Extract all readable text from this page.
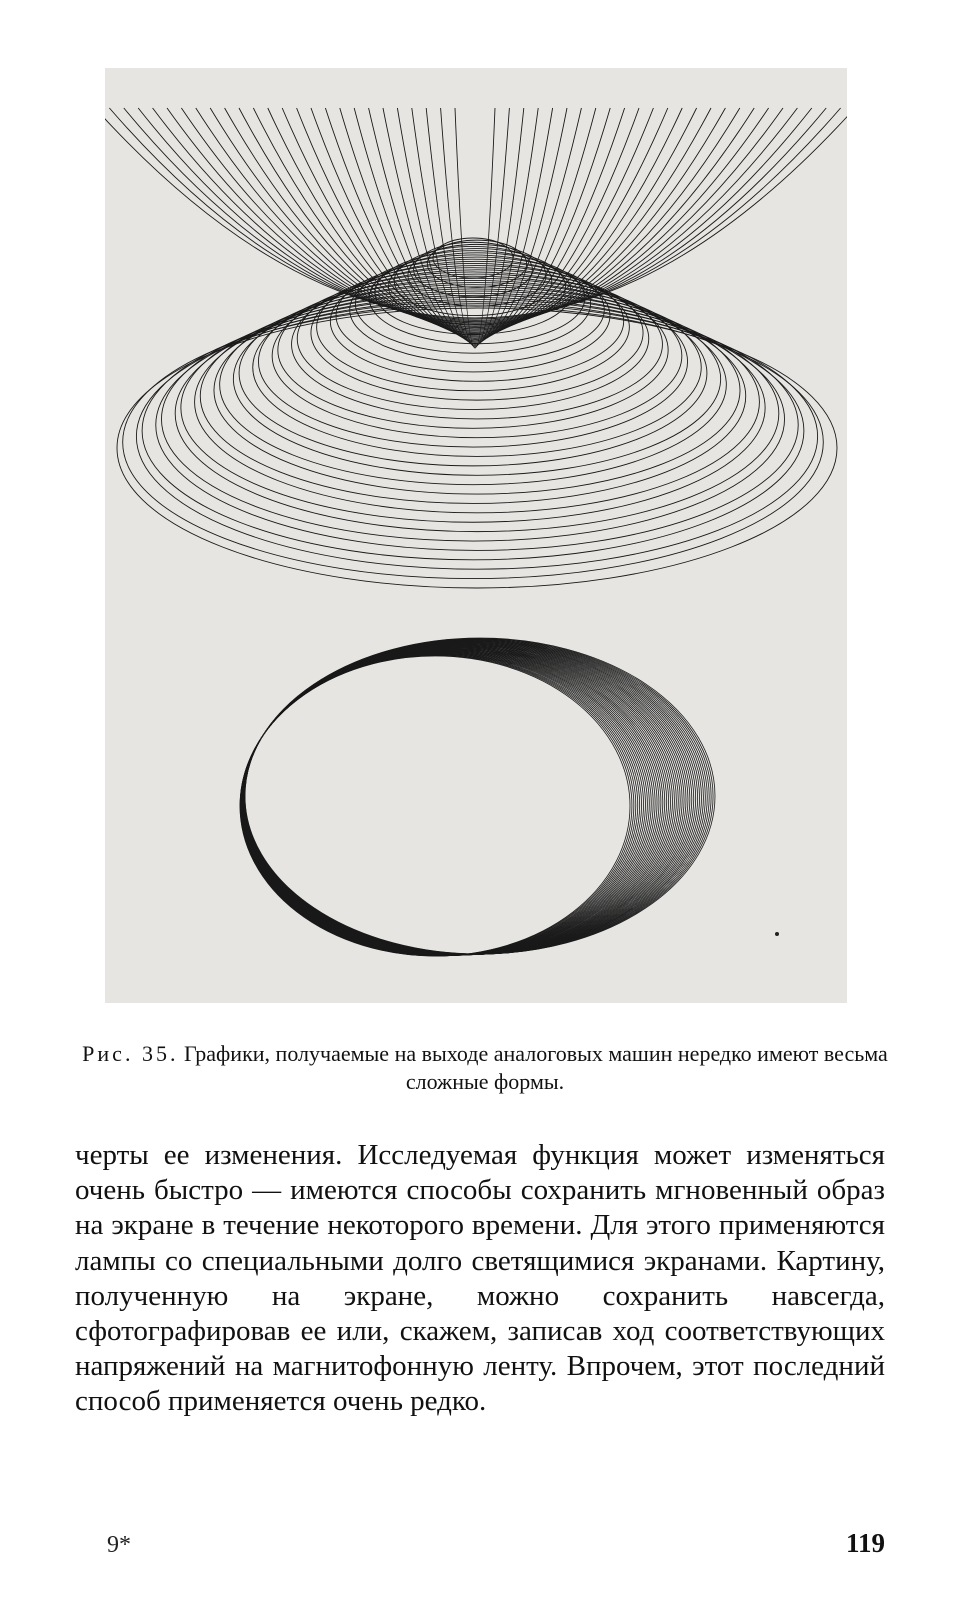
Рис. 35. Графики, получаемые на выходе аналоговых машин нередко имеют весьма сложные формы.
черты ее изменения. Исследуемая функция может изменяться очень быстро — имеются способы сохранить мгновенный образ на экране в течение некоторого времени. Для этого применяются лампы со специальными долго светящимися экранами. Картину, полученную на экране, можно сохранить навсегда, сфотографировав ее или, скажем, записав ход соответствующих напряжений на магнитофонную ленту. Впрочем, этот последний способ применяется очень редко.
9*	119
